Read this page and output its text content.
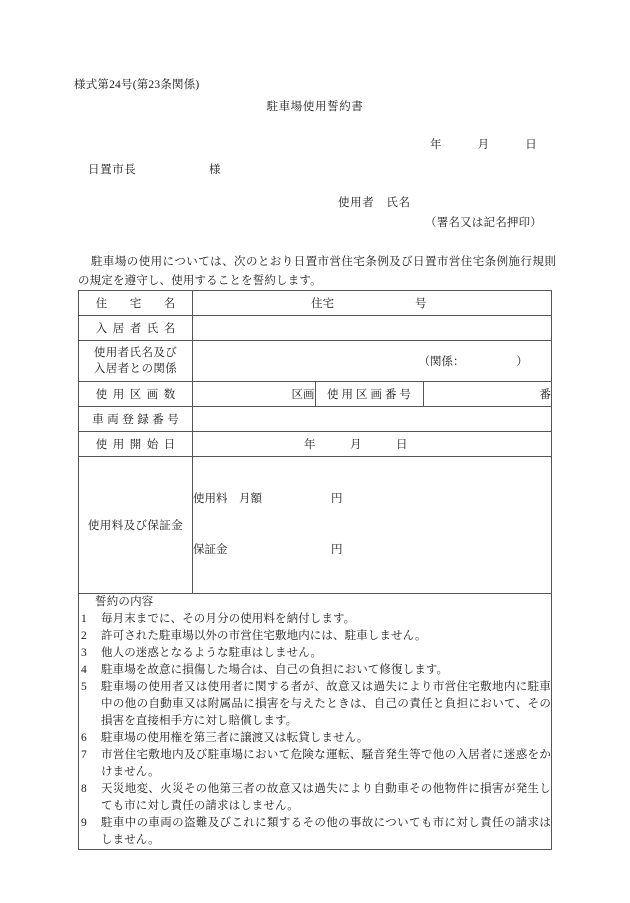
様式第24号(第23条関係)
駐車場使用誓約書
年　　　月　　　日
日置市長　　　　　　様
使用者　氏名
（署名又は記名押印）
駐車場の使用については、次のとおり日置市営住宅条例及び日置市営住宅条例施行規則の規定を遵守し、使用することを誓約します。
住　宅　名	住宅	号

入居者氏名	

使用者氏名及び
入居者との関係

（関係：　　　　　）

使用区画数		区画	使用区画番号	番

車両登録番号	

使用開始日	年　　　月　　　日

使用料及び保証金	

使用料　月額　　　　　　円

保証金　　　　　　　　　円

誓約の内容
1 毎月末までに、その月分の使用料を納付します。
2 許可された駐車場以外の市営住宅敷地内には、駐車しません。
3 他人の迷惑となるような駐車はしません。
4 駐車場を故意に損傷した場合は、自己の負担において修復します。
5 駐車場の使用者又は使用者に関する者が、故意又は過失により市営住宅敷地内に駐車中の他の自動車又は附属品に損害を与えたときは、自己の責任と負担において、その損害を直接相手方に対し賠償します。
6 駐車場の使用権を第三者に譲渡又は転貸しません。
7 市営住宅敷地内及び駐車場において危険な運転、騒音発生等で他の入居者に迷惑をかけません。
8 天災地変、火災その他第三者の故意又は過失により自動車その他物件に損害が発生しても市に対し責任の請求はしません。
9 駐車中の車両の盗難及びこれに類するその他の事故についても市に対し責任の請求はしません。
